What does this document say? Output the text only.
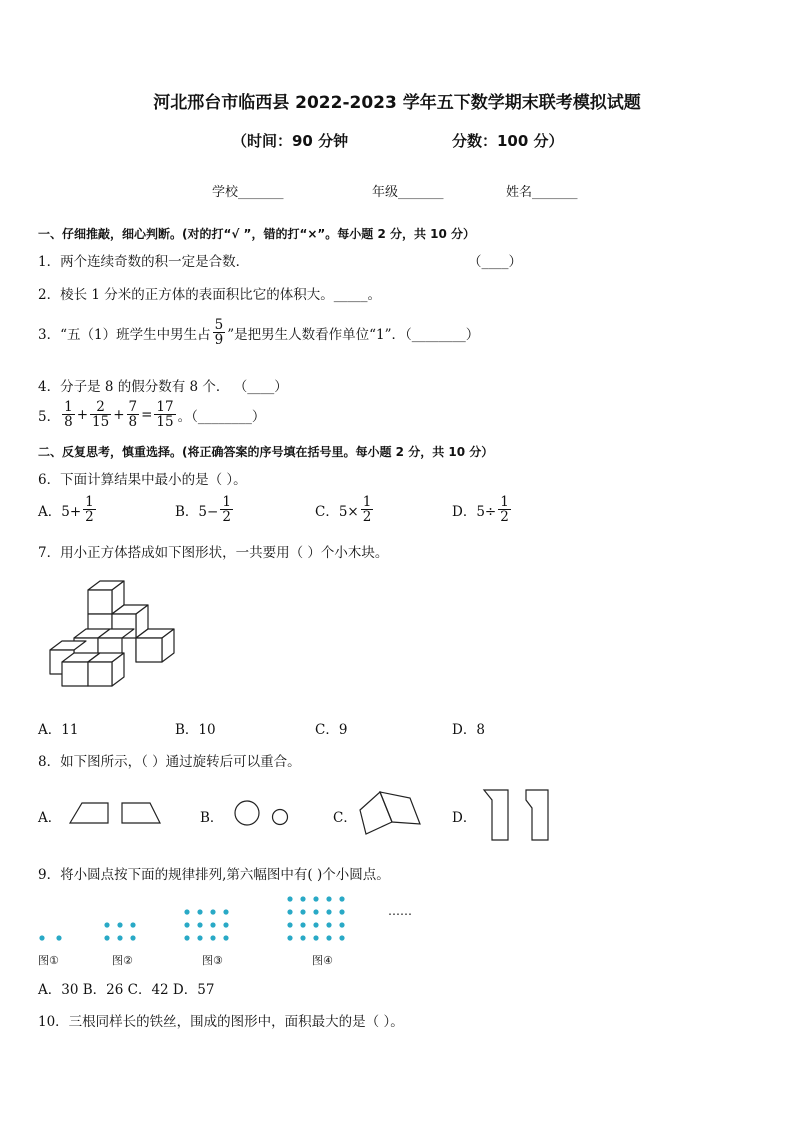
河北邢台市临西县 2022-2023 学年五下数学期末联考模拟试题
（时间：90 分钟	分数：100 分）
学校_______	年级_______	姓名_______
一、仔细推敲，细心判断。(对的打“√ ”，错的打“×”。每小题 2 分，共 10 分）
1．两个连续奇数的积一定是合数．	（____）
2．棱长 1 分米的正方体的表面积比它的体积大。_____。
3．“五（1）班学生中男生占 $\frac{5}{9}$ ”是把男生人数看作单位“1”．（________）
4．分子是 8 的假分数有 8 个． （____）
5． $\frac{1}{8} + \frac{2}{15} + \frac{7}{8} = \frac{17}{15}$ 。（________）
二、反复思考，慎重选择。(将正确答案的序号填在括号里。每小题 2 分，共 10 分）
6．下面计算结果中最小的是（ ）。
A．$5+ \frac{1}{2}$	B．$5- \frac{1}{2}$	C．$5\times \frac{1}{2}$	D．$5\div \frac{1}{2}$
7．用小正方体搭成如下图形状，一共要用（ ）个小木块。
A．11	B．10	C．9	D．8
8．如下图所示，（ ）通过旋转后可以重合。
A．	B．	C．	D．
9．将小圆点按下面的规律排列,第六幅图中有( )个小圆点。
图①	图②	图③	图④
……
A．30 B．26 C．42 D．57
10．三根同样长的铁丝，围成的图形中，面积最大的是（ ）。
